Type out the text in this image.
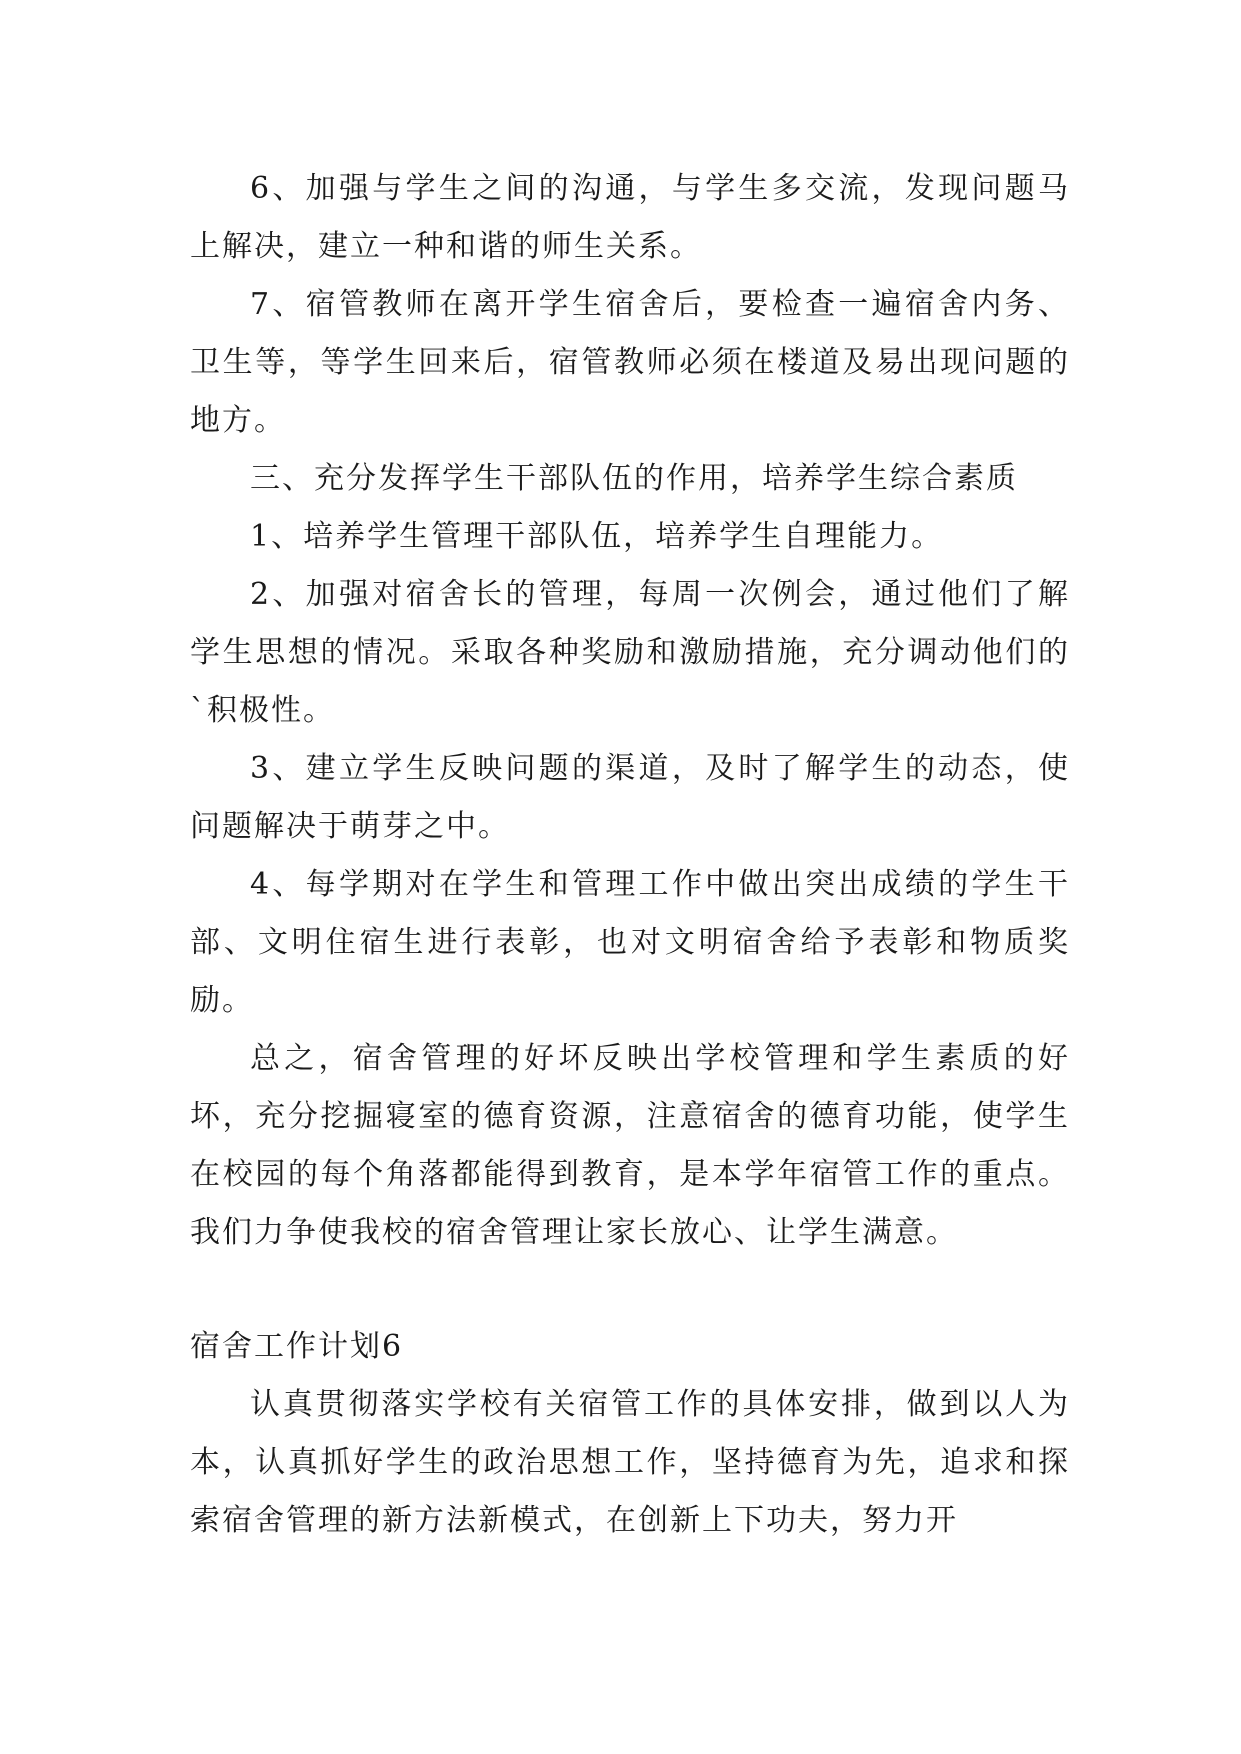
6、加强与学生之间的沟通，与学生多交流，发现问题马上解决，建立一种和谐的师生关系。

7、宿管教师在离开学生宿舍后，要检查一遍宿舍内务、卫生等，等学生回来后，宿管教师必须在楼道及易出现问题的地方。

三、充分发挥学生干部队伍的作用，培养学生综合素质

1、培养学生管理干部队伍，培养学生自理能力。

2、加强对宿舍长的管理，每周一次例会，通过他们了解学生思想的情况。采取各种奖励和激励措施，充分调动他们的`积极性。

3、建立学生反映问题的渠道，及时了解学生的动态，使问题解决于萌芽之中。

4、每学期对在学生和管理工作中做出突出成绩的学生干部、文明住宿生进行表彰，也对文明宿舍给予表彰和物质奖励。

总之，宿舍管理的好坏反映出学校管理和学生素质的好坏，充分挖掘寝室的德育资源，注意宿舍的德育功能，使学生在校园的每个角落都能得到教育，是本学年宿管工作的重点。我们力争使我校的宿舍管理让家长放心、让学生满意。

宿舍工作计划6

认真贯彻落实学校有关宿管工作的具体安排，做到以人为本，认真抓好学生的政治思想工作，坚持德育为先，追求和探索宿舍管理的新方法新模式，在创新上下功夫，努力开
